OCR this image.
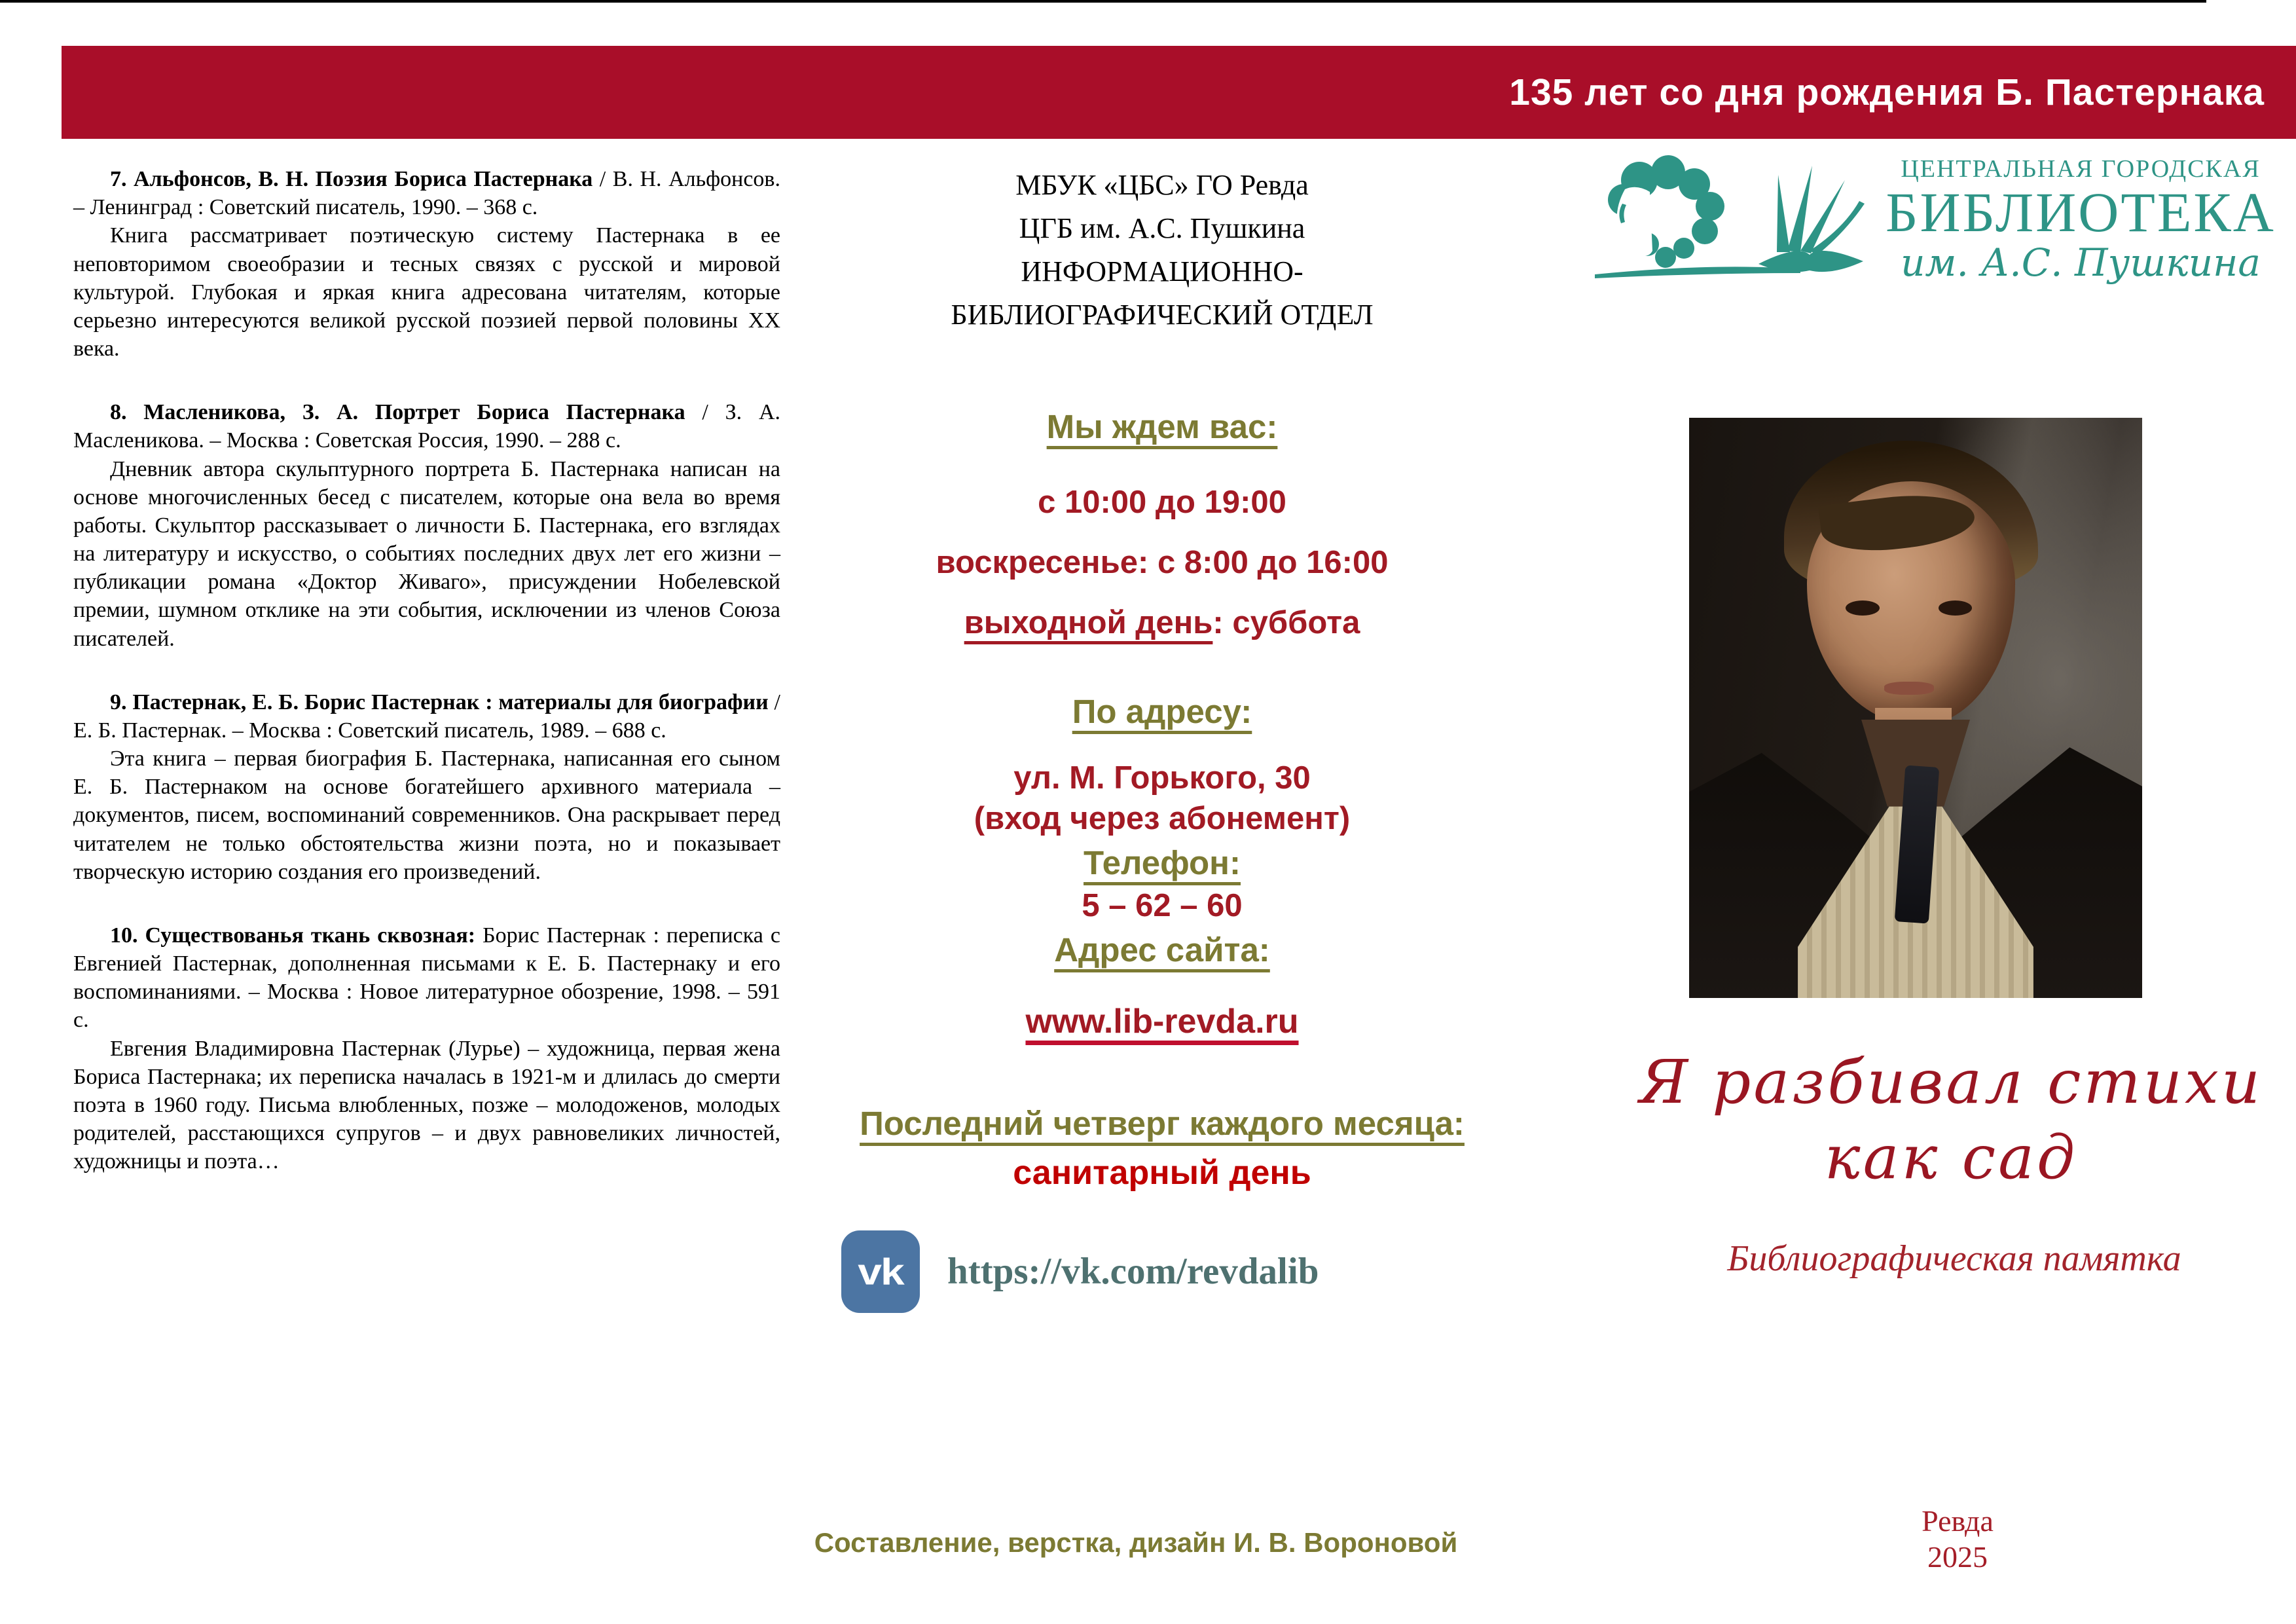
135 лет со дня рождения Б. Пастернака

7. Альфонсов, В. Н. Поэзия Бориса Пастернака / В. Н. Альфонсов. – Ленинград : Советский писатель, 1990. – 368 с.

Книга рассматривает поэтическую систему Пастернака в ее неповторимом своеобразии и тесных связях с русской и мировой культурой. Глубокая и яркая книга адресована читателям, которые серьезно интересуются великой русской поэзией первой половины XX века.

8. Масленикова, З. А. Портрет Бориса Пастернака / З. А. Масленикова. – Москва : Советская Россия, 1990. – 288 с.

Дневник автора скульптурного портрета Б. Пастернака написан на основе многочисленных бесед с писателем, которые она вела во время работы. Скульптор рассказывает о личности Б. Пастернака, его взглядах на литературу и искусство, о событиях последних двух лет его жизни – публикации романа «Доктор Живаго», присуждении Нобелевской премии, шумном отклике на эти события, исключении из членов Союза писателей.

9. Пастернак, Е. Б. Борис Пастернак : материалы для биографии / Е. Б. Пастернак. – Москва : Советский писатель, 1989. – 688 с.

Эта книга – первая биография Б. Пастернака, написанная его сыном Е. Б. Пастернаком на основе богатейшего архивного материала – документов, писем, воспоминаний современников. Она раскрывает перед читателем не только обстоятельства жизни поэта, но и показывает творческую историю создания его произведений.

10. Существованья ткань сквозная: Борис Пастернак : переписка с Евгенией Пастернак, дополненная письмами к Е. Б. Пастернаку и его воспоминаниями. – Москва : Новое литературное обозрение, 1998. – 591 с.

Евгения Владимировна Пастернак (Лурье) – художница, первая жена Бориса Пастернака; их переписка началась в 1921-м и длилась до смерти поэта в 1960 году. Письма влюбленных, позже – молодоженов, молодых родителей, расстающихся супругов – и двух равновеликих личностей, художницы и поэта…

МБУК «ЦБС» ГО Ревда
ЦГБ им. А.С. Пушкина
ИНФОРМАЦИОННО-
БИБЛИОГРАФИЧЕСКИЙ ОТДЕЛ
Мы ждем вас:
с 10:00 до 19:00
воскресенье: с 8:00 до 16:00
выходной день: суббота
По адресу:
ул. М. Горького, 30
(вход через абонемент)
Телефон:
5 – 62 – 60
Адрес сайта:
www.lib-revda.ru
Последний четверг каждого месяца:
санитарный день
vk https://vk.com/revdalib
Составление, верстка, дизайн И. В. Вороновой
ЦЕНТРАЛЬНАЯ ГОРОДСКАЯ
БИБЛИОТЕКА
им. А.С. Пушкина
Я разбивал стихи
как сад
Библиографическая памятка
Ревда
2025
